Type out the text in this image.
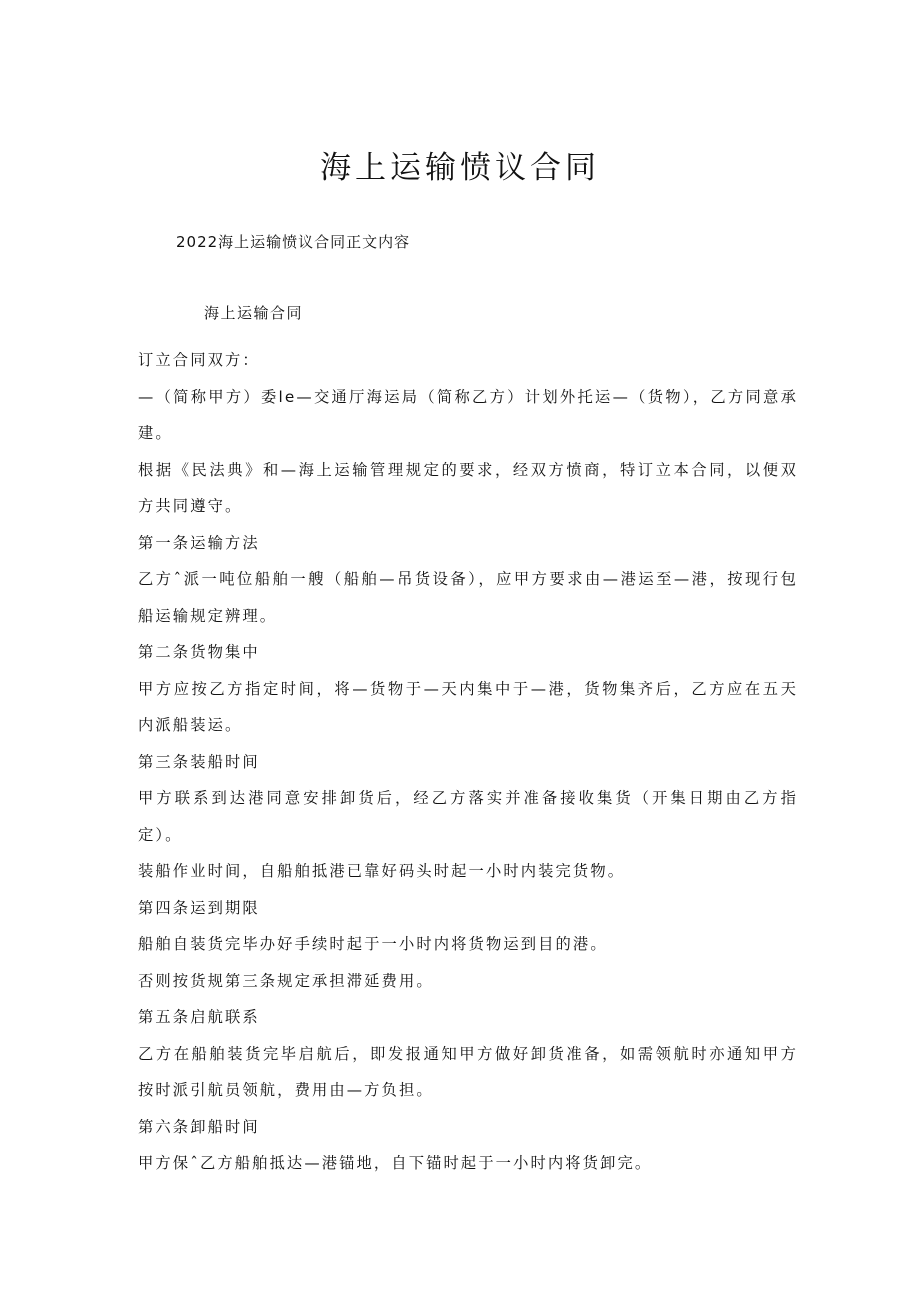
海上运输愤议合同
2022海上运输愤议合同正文内容
海上运输合同

订立合同双方：

—（简称甲方）委le—交通厅海运局（简称乙方）计划外托运—（货物），乙方同意承建。

根据《民法典》和—海上运输管理规定的要求，经双方愤商，特订立本合同，以便双方共同遵守。

第一条运输方法

乙方ˆ派一吨位船舶一艘（船舶—吊货设备），应甲方要求由—港运至—港，按现行包船运输规定辨理。

第二条货物集中

甲方应按乙方指定时间，将—货物于—天内集中于—港，货物集齐后，乙方应在五天内派船装运。

第三条装船时间

甲方联系到达港同意安排卸货后，经乙方落实并准备接收集货（开集日期由乙方指定）。

装船作业时间，自船舶抵港已靠好码头时起一小时内装完货物。

第四条运到期限

船舶自装货完毕办好手续时起于一小时内将货物运到目的港。

否则按货规第三条规定承担滞延费用。

第五条启航联系

乙方在船舶装货完毕启航后，即发报通知甲方做好卸货准备，如需领航时亦通知甲方按时派引航员领航，费用由—方负担。

第六条卸船时间

甲方保ˆ乙方船舶抵达—港锚地，自下锚时起于一小时内将货卸完。
